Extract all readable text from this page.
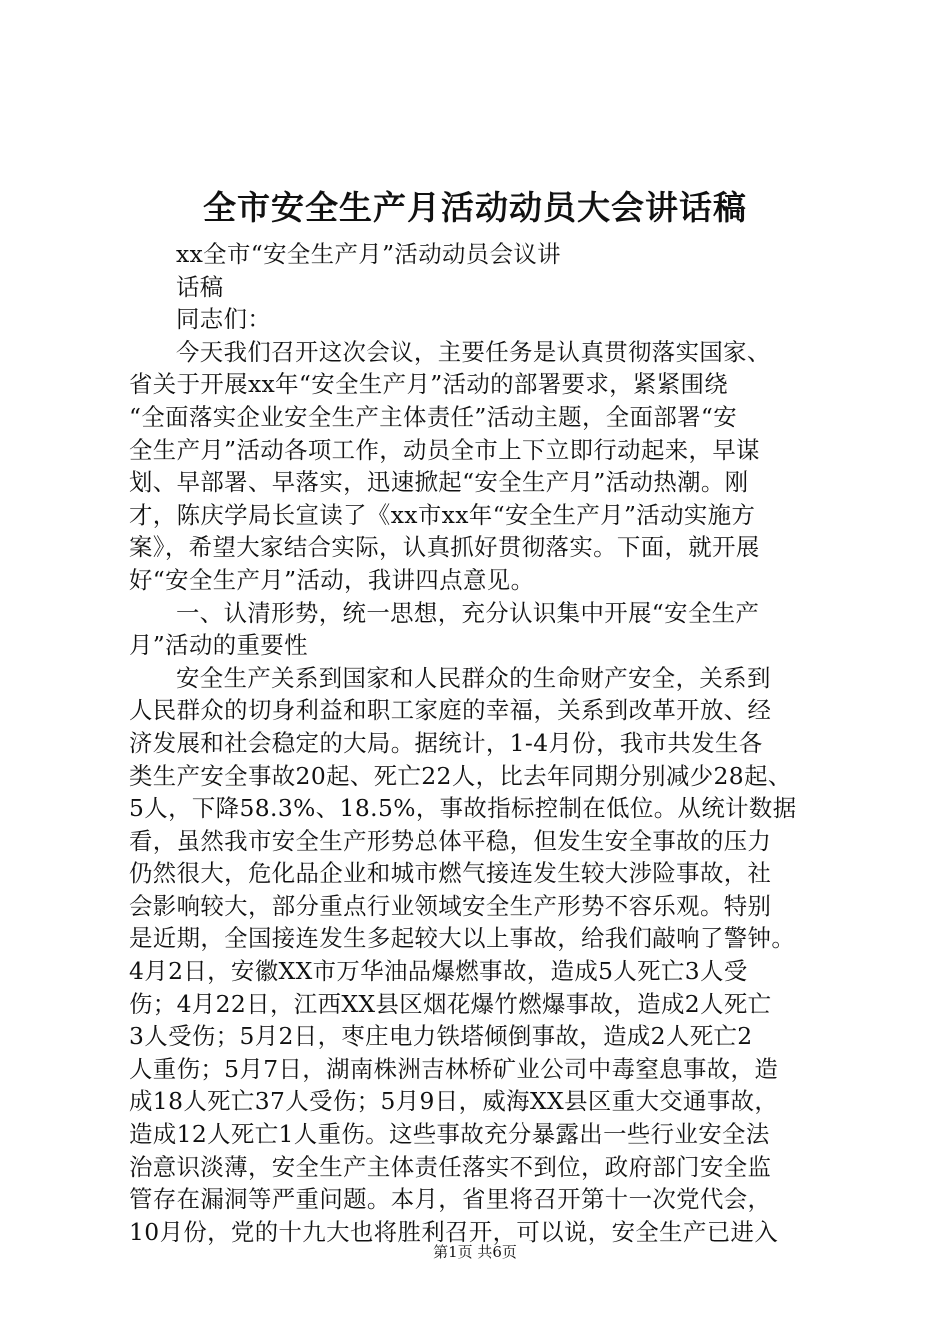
全市安全生产月活动动员大会讲话稿
xx全市“安全生产月”活动动员会议讲
话稿
同志们：
今天我们召开这次会议，主要任务是认真贯彻落实国家、
省关于开展xx年“安全生产月”活动的部署要求，紧紧围绕
“全面落实企业安全生产主体责任”活动主题，全面部署“安
全生产月”活动各项工作，动员全市上下立即行动起来，早谋
划、早部署、早落实，迅速掀起“安全生产月”活动热潮。刚
才，陈庆学局长宣读了《xx市xx年“安全生产月”活动实施方
案》，希望大家结合实际，认真抓好贯彻落实。下面，就开展
好“安全生产月”活动，我讲四点意见。
一、认清形势，统一思想，充分认识集中开展“安全生产
月”活动的重要性
安全生产关系到国家和人民群众的生命财产安全，关系到
人民群众的切身利益和职工家庭的幸福，关系到改革开放、经
济发展和社会稳定的大局。据统计，1-4月份，我市共发生各
类生产安全事故20起、死亡22人，比去年同期分别减少28起、
5人，下降58.3%、18.5%，事故指标控制在低位。从统计数据
看，虽然我市安全生产形势总体平稳，但发生安全事故的压力
仍然很大，危化品企业和城市燃气接连发生较大涉险事故，社
会影响较大，部分重点行业领域安全生产形势不容乐观。特别
是近期，全国接连发生多起较大以上事故，给我们敲响了警钟。
4月2日，安徽XX市万华油品爆燃事故，造成5人死亡3人受
伤；4月22日，江西XX县区烟花爆竹燃爆事故，造成2人死亡
3人受伤；5月2日，枣庄电力铁塔倾倒事故，造成2人死亡2
人重伤；5月7日，湖南株洲吉林桥矿业公司中毒窒息事故，造
成18人死亡37人受伤；5月9日，威海XX县区重大交通事故，
造成12人死亡1人重伤。这些事故充分暴露出一些行业安全法
治意识淡薄，安全生产主体责任落实不到位，政府部门安全监
管存在漏洞等严重问题。本月，省里将召开第十一次党代会，
10月份，党的十九大也将胜利召开，可以说，安全生产已进入
第1页 共6页
